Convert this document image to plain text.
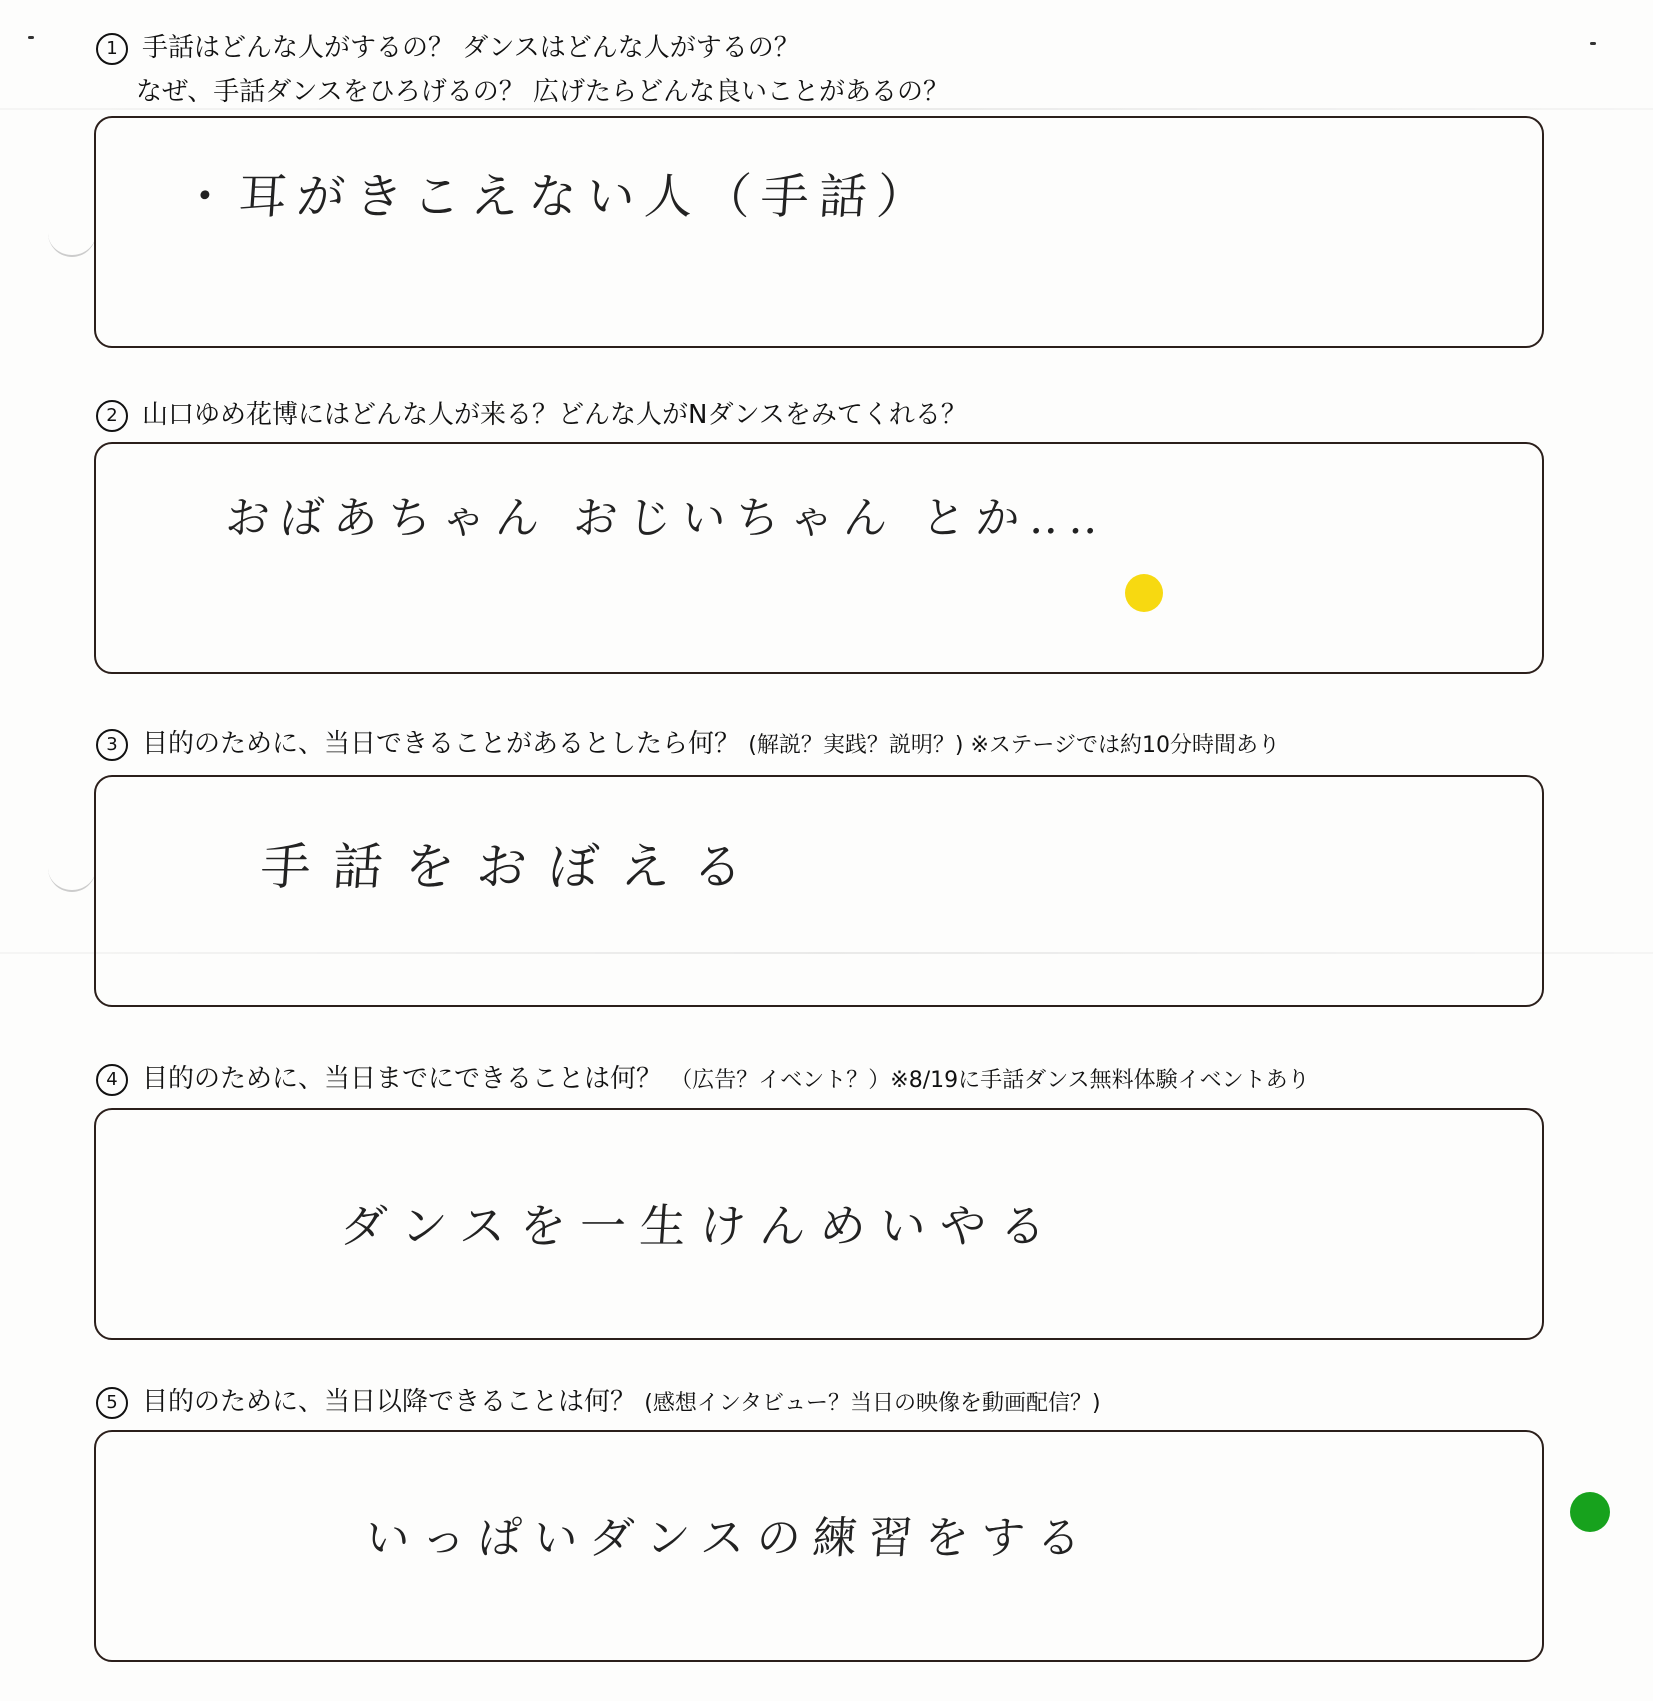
1 手話はどんな人がするの？ ダンスはどんな人がするの？
なぜ、手話ダンスをひろげるの？ 広げたらどんな良いことがあるの？
・耳がきこえない人（手話）
2 山口ゆめ花博にはどんな人が来る？どんな人がNダンスをみてくれる？
おばあちゃん おじいちゃん とか‥‥
3 目的のために、当日できることがあるとしたら何？ (解説？実践？説明？) ※ステージでは約10分時間あり
手話をおぼえる
4 目的のために、当日までにできることは何？ （広告？イベント？）※8/19に手話ダンス無料体験イベントあり
ダンスを一生けんめいやる
5 目的のために、当日以降できることは何？ (感想インタビュー？当日の映像を動画配信？)
いっぱいダンスの練習をする
